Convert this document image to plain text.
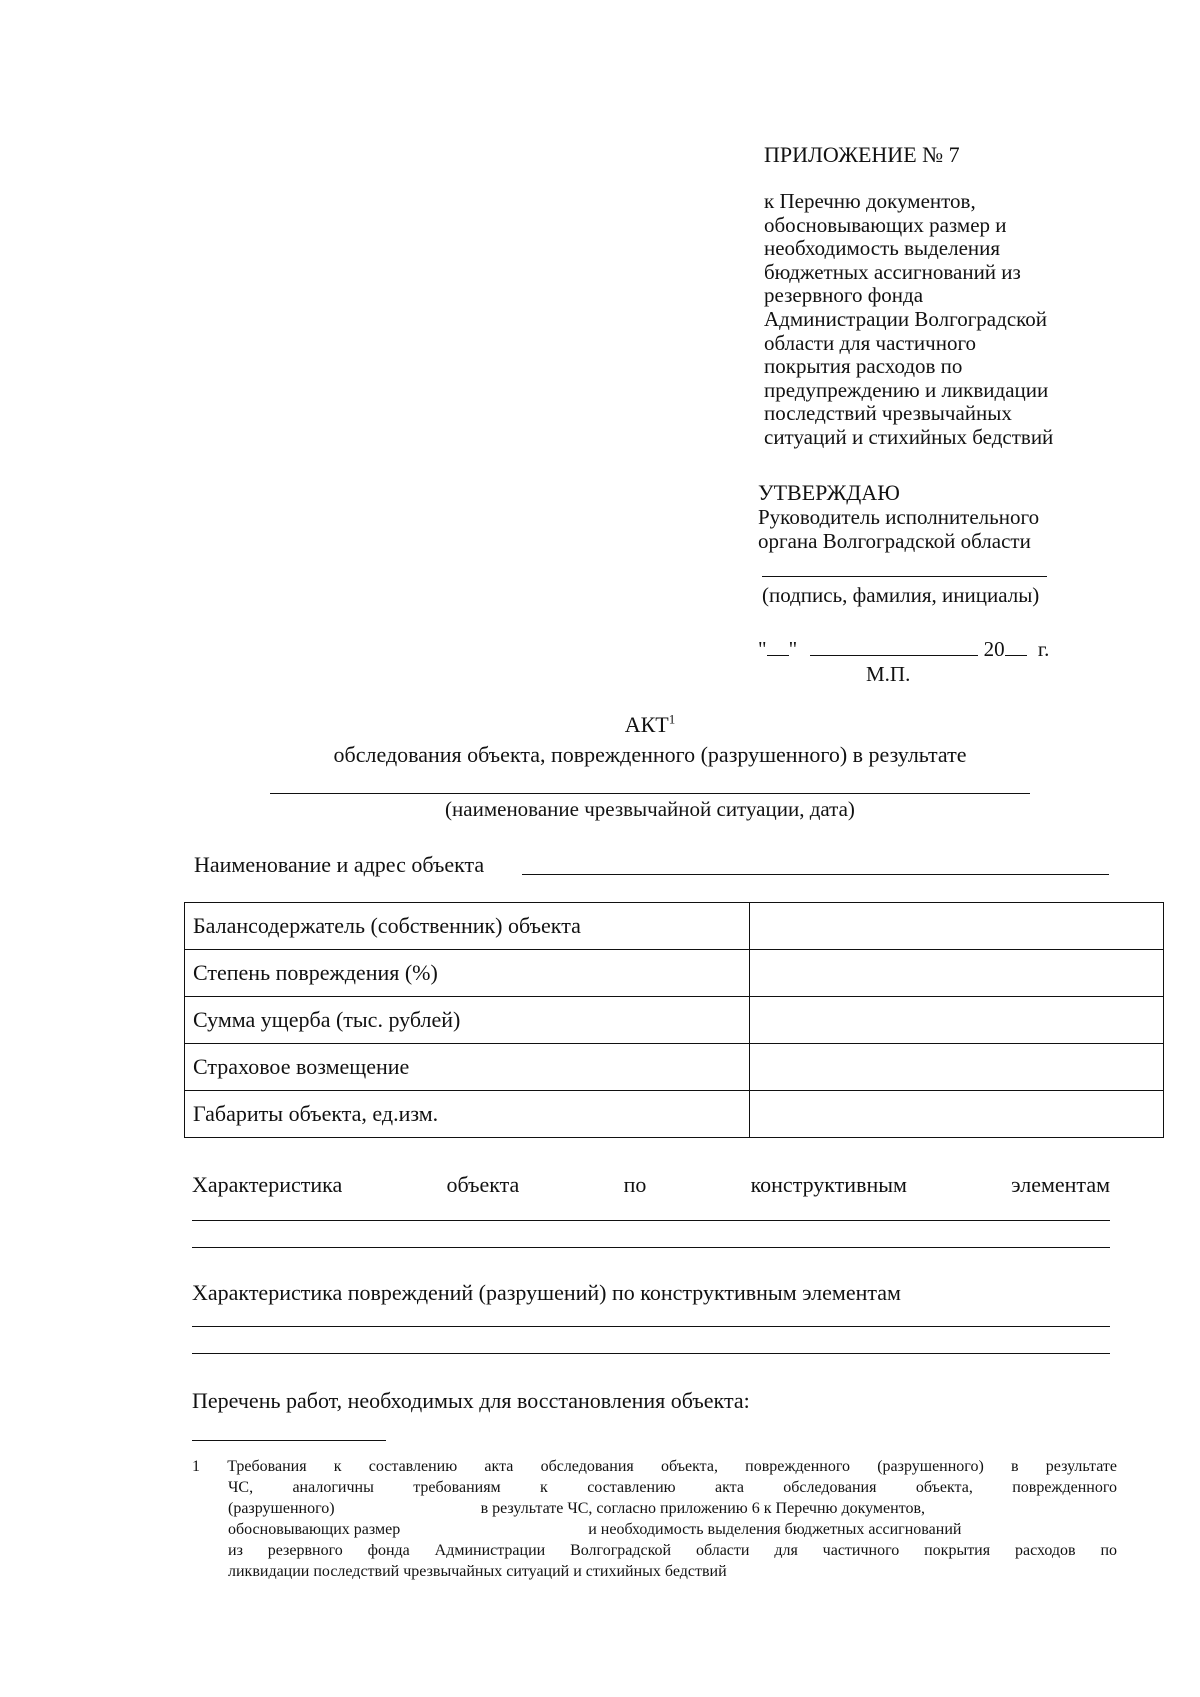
ПРИЛОЖЕНИЕ № 7
к Перечню документов,
обосновывающих размер и
необходимость выделения
бюджетных ассигнований из
резервного фонда
Администрации Волгоградской
области для частичного
покрытия расходов по
предупреждению и ликвидации
последствий чрезвычайных
ситуаций и стихийных бедствий
УТВЕРЖДАЮ
Руководитель исполнительного
органа Волгоградской области
(подпись, фамилия, инициалы)
" "	20 г.
М.П.
АКТ$^1$
обследования объекта, поврежденного (разрушенного) в результате
(наименование чрезвычайной ситуации, дата)
Наименование и адрес объекта
Балансодержатель (собственник) объекта	
Степень повреждения (%)	
Сумма ущерба (тыс. рублей)	
Страховое возмещение	
Габариты объекта, ед.изм.	
Характеристика объекта по конструктивным элементам
Характеристика повреждений (разрушений) по конструктивным элементам
Перечень работ, необходимых для восстановления объекта:
1 Требования к составлению акта обследования объекта, поврежденного (разрушенного) в результате
ЧС, аналогичны требованиям к составлению акта обследования объекта, поврежденного
(разрушенного)	в результате ЧС, согласно приложению 6 к Перечню документов,
обосновывающих размер	и необходимость выделения бюджетных ассигнований
из резервного фонда Администрации Волгоградской области для частичного покрытия расходов по
ликвидации последствий чрезвычайных ситуаций и стихийных бедствий
